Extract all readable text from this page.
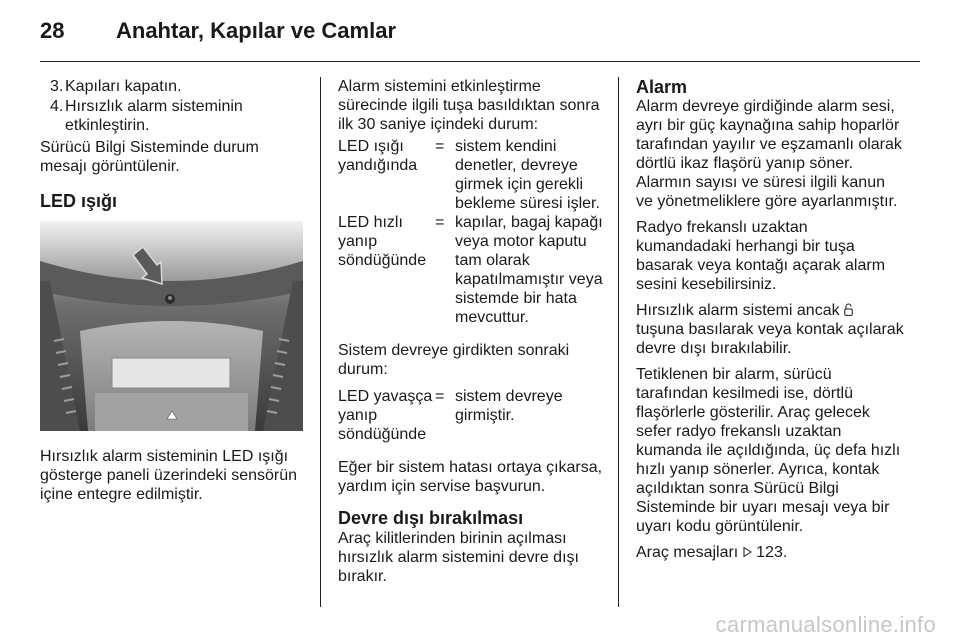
28 Anahtar, Kapılar ve Camlar
3. Kapıları kapatın.
4. Hırsızlık alarm sisteminin etkinleştirin.

Sürücü Bilgi Sisteminde durum mesajı görüntülenir.

LED ışığı

Hırsızlık alarm sisteminin LED ışığı gösterge paneli üzerindeki sensörün içine entegre edilmiştir.

Alarm sistemini etkinleştirme sürecinde ilgili tuşa basıldıktan sonra ilk 30 saniye içindeki durum:

LED ışığı yandığında
= sistem kendini denetler, devreye girmek için gerekli bekleme süresi işler.
LED hızlı yanıp söndüğünde
= kapılar, bagaj kapağı veya motor kaputu tam olarak kapatılmamıştır veya sistemde bir hata mevcuttur.

Sistem devreye girdikten sonraki durum:

LED yavaşça yanıp söndüğünde
= sistem devreye girmiştir.

Eğer bir sistem hatası ortaya çıkarsa, yardım için servise başvurun.

Devre dışı bırakılması

Araç kilitlerinden birinin açılması hırsızlık alarm sistemini devre dışı bırakır.

Alarm

Alarm devreye girdiğinde alarm sesi, ayrı bir güç kaynağına sahip hoparlör tarafından yayılır ve eşzamanlı olarak dörtlü ikaz flaşörü yanıp söner. Alarmın sayısı ve süresi ilgili kanun ve yönetmeliklere göre ayarlanmıştır.

Radyo frekanslı uzaktan kumandadaki herhangi bir tuşa basarak veya kontağı açarak alarm sesini kesebilirsiniz.

Hırsızlık alarm sistemi ancak  tuşuna basılarak veya kontak açılarak devre dışı bırakılabilir.

Tetiklenen bir alarm, sürücü tarafından kesilmedi ise, dörtlü flaşörlerle gösterilir. Araç gelecek sefer radyo frekanslı uzaktan kumanda ile açıldığında, üç defa hızlı hızlı yanıp sönerler. Ayrıca, kontak açıldıktan sonra Sürücü Bilgi Sisteminde bir uyarı mesajı veya bir uyarı kodu görüntülenir.

Araç mesajları 123.

carmanualsonline.info
